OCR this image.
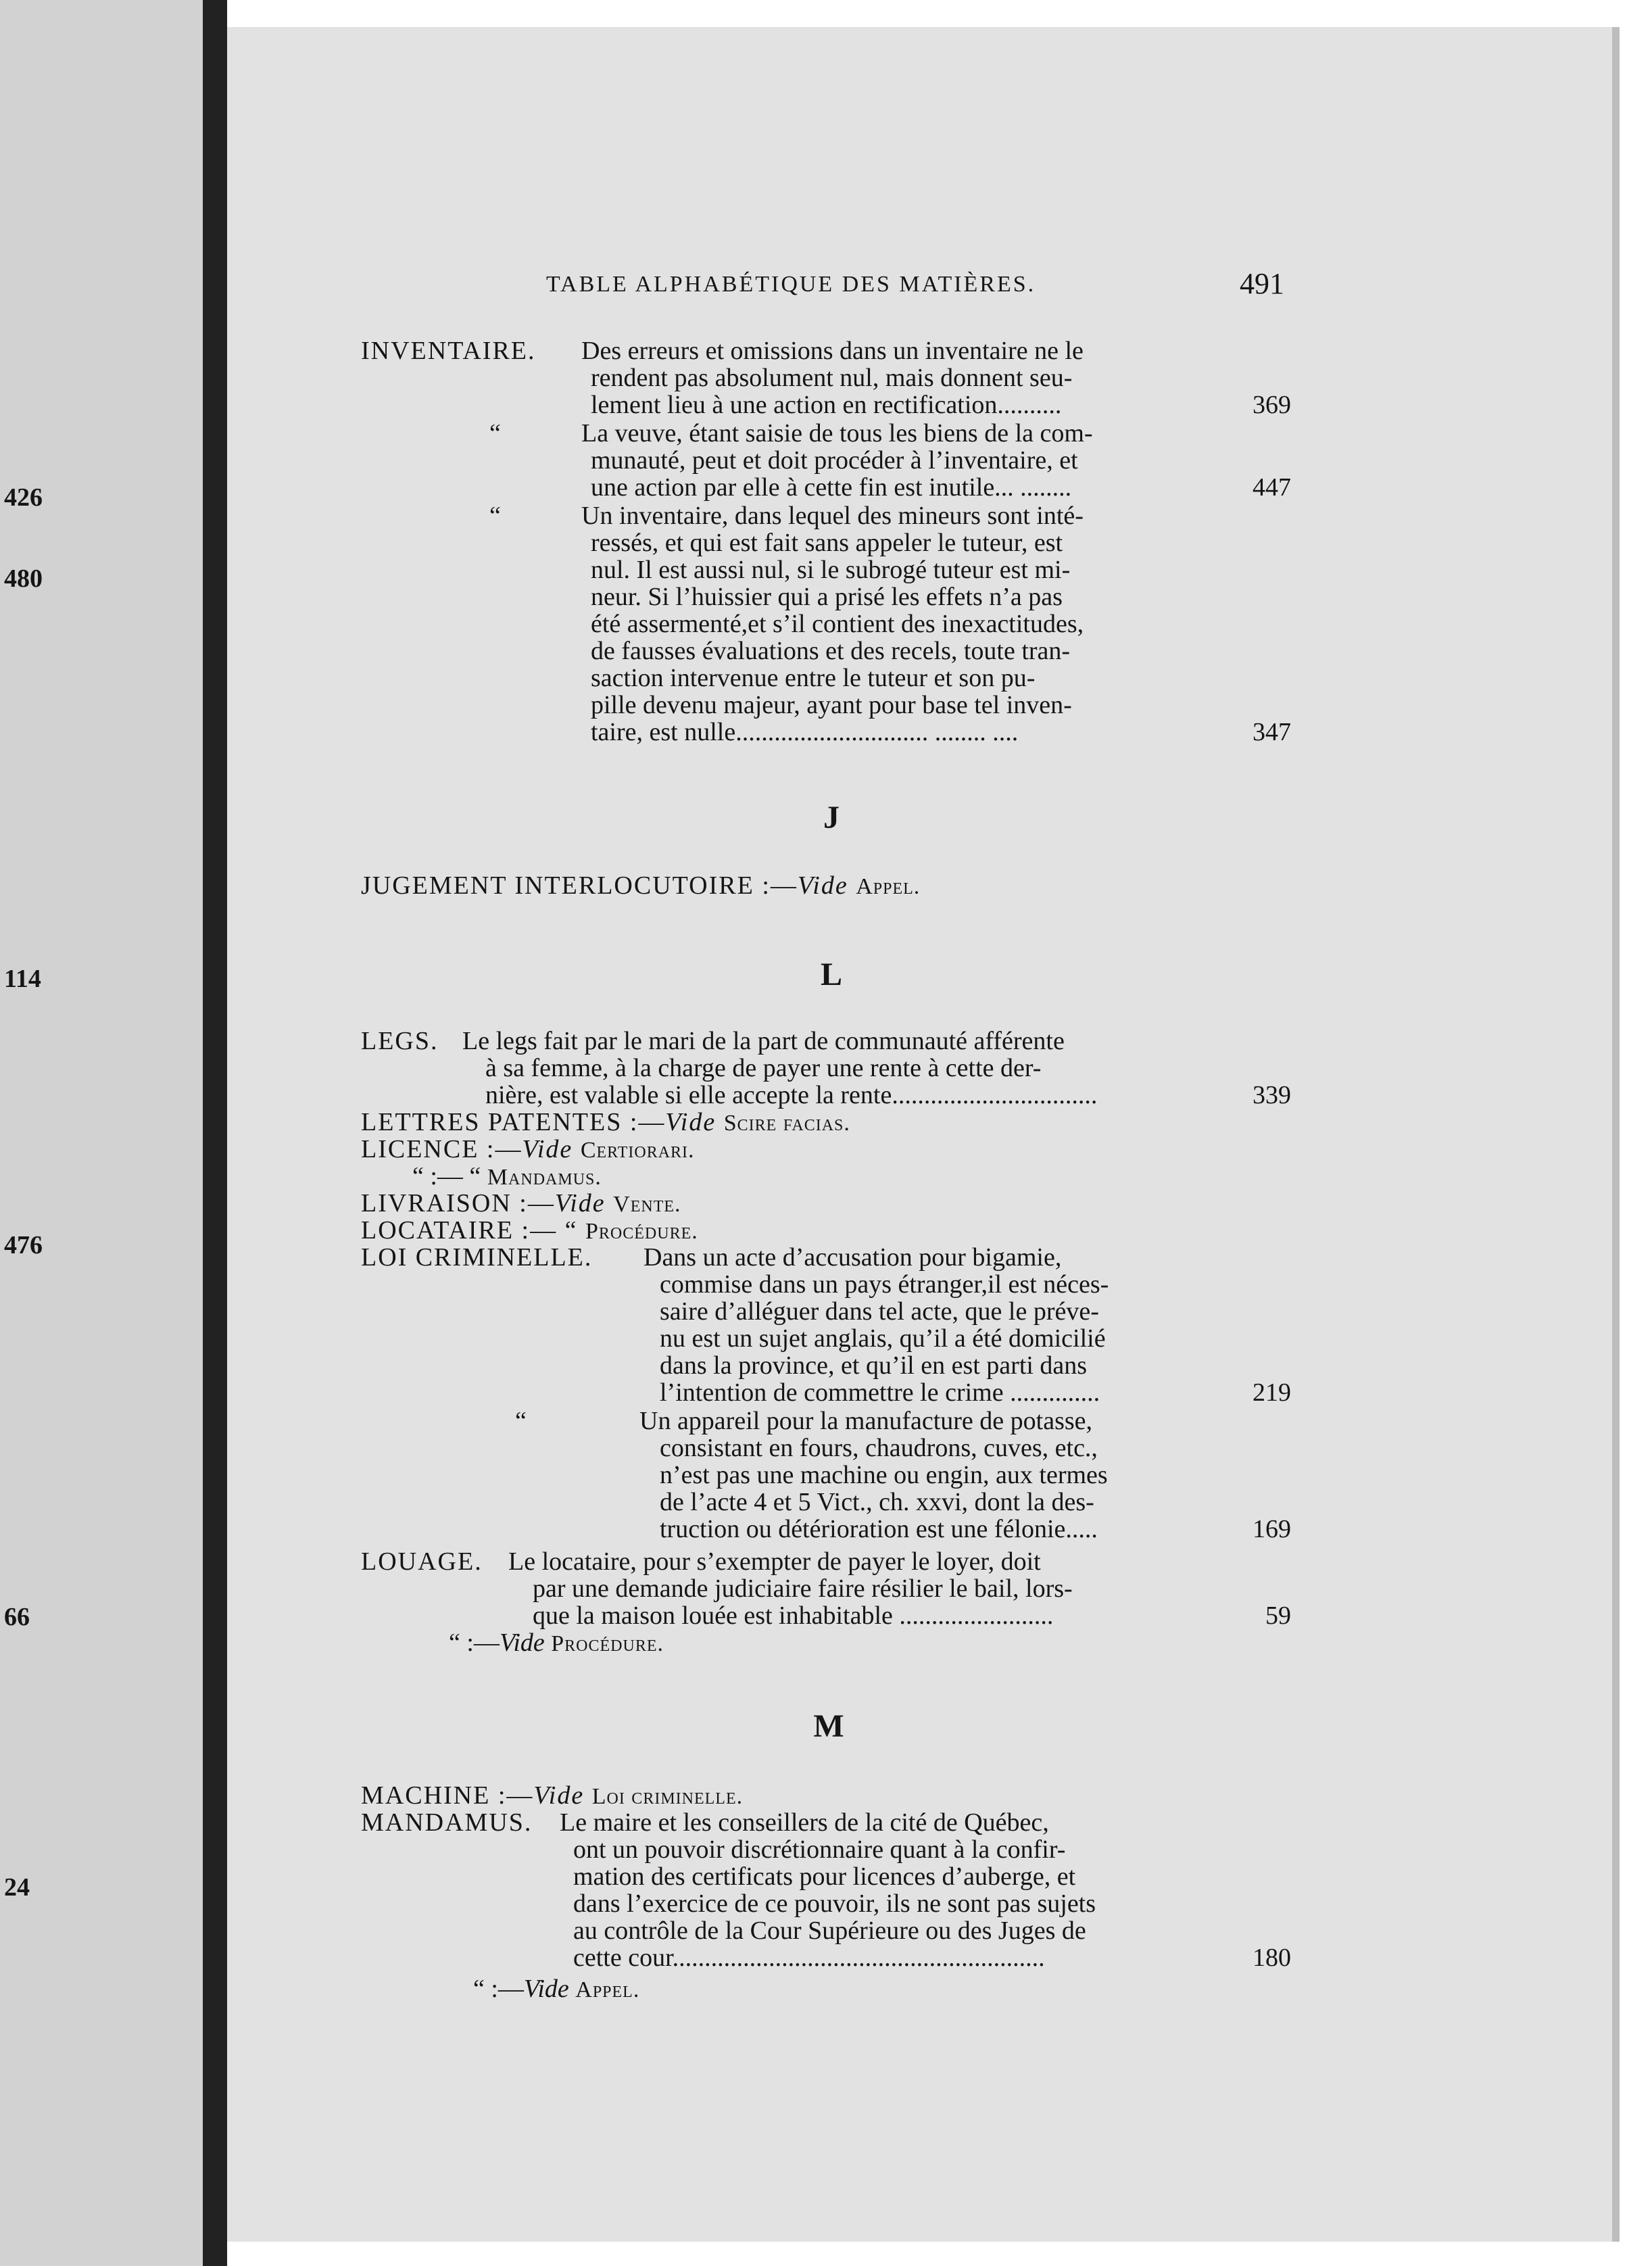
426
480
114
476
66
24
TABLE ALPHABÉTIQUE DES MATIÈRES.	491
INVENTAIRE. Des erreurs et omissions dans un inventaire ne le
rendent pas absolument nul, mais donnent seu-
lement lieu à une action en rectification..........	369
“	La veuve, étant saisie de tous les biens de la com-
munauté, peut et doit procéder à l’inventaire, et
une action par elle à cette fin est inutile... ........	447
“	Un inventaire, dans lequel des mineurs sont inté-
ressés, et qui est fait sans appeler le tuteur, est
nul. Il est aussi nul, si le subrogé tuteur est mi-
neur. Si l’huissier qui a prisé les effets n’a pas
été assermenté,et s’il contient des inexactitudes,
de fausses évaluations et des recels, toute tran-
saction intervenue entre le tuteur et son pu-
pille devenu majeur, ayant pour base tel inven-
taire, est nulle.............................. ........ ....	347
J
JUGEMENT INTERLOCUTOIRE :—Vide Appel.
L
LEGS. Le legs fait par le mari de la part de communauté afférente
à sa femme, à la charge de payer une rente à cette der-
nière, est valable si elle accepte la rente................................	339
LETTRES PATENTES :—Vide Scire facias.
LICENCE :—Vide Certiorari.
“ :— “ Mandamus.
LIVRAISON :—Vide Vente.
LOCATAIRE :— “ Procédure.
LOI CRIMINELLE. Dans un acte d’accusation pour bigamie,
commise dans un pays étranger,il est néces-
saire d’alléguer dans tel acte, que le préve-
nu est un sujet anglais, qu’il a été domicilié
dans la province, et qu’il en est parti dans
l’intention de commettre le crime ..............	219
“	Un appareil pour la manufacture de potasse,
consistant en fours, chaudrons, cuves, etc.,
n’est pas une machine ou engin, aux termes
de l’acte 4 et 5 Vict., ch. xxvi, dont la des-
truction ou détérioration est une félonie.....	169
LOUAGE. Le locataire, pour s’exempter de payer le loyer, doit
par une demande judiciaire faire résilier le bail, lors-
que la maison louée est inhabitable ........................	59
“ :—Vide Procédure.
M
MACHINE :—Vide Loi criminelle.
MANDAMUS. Le maire et les conseillers de la cité de Québec,
ont un pouvoir discrétionnaire quant à la confir-
mation des certificats pour licences d’auberge, et
dans l’exercice de ce pouvoir, ils ne sont pas sujets
au contrôle de la Cour Supérieure ou des Juges de
cette cour..........................................................	180
“ :—Vide Appel.
